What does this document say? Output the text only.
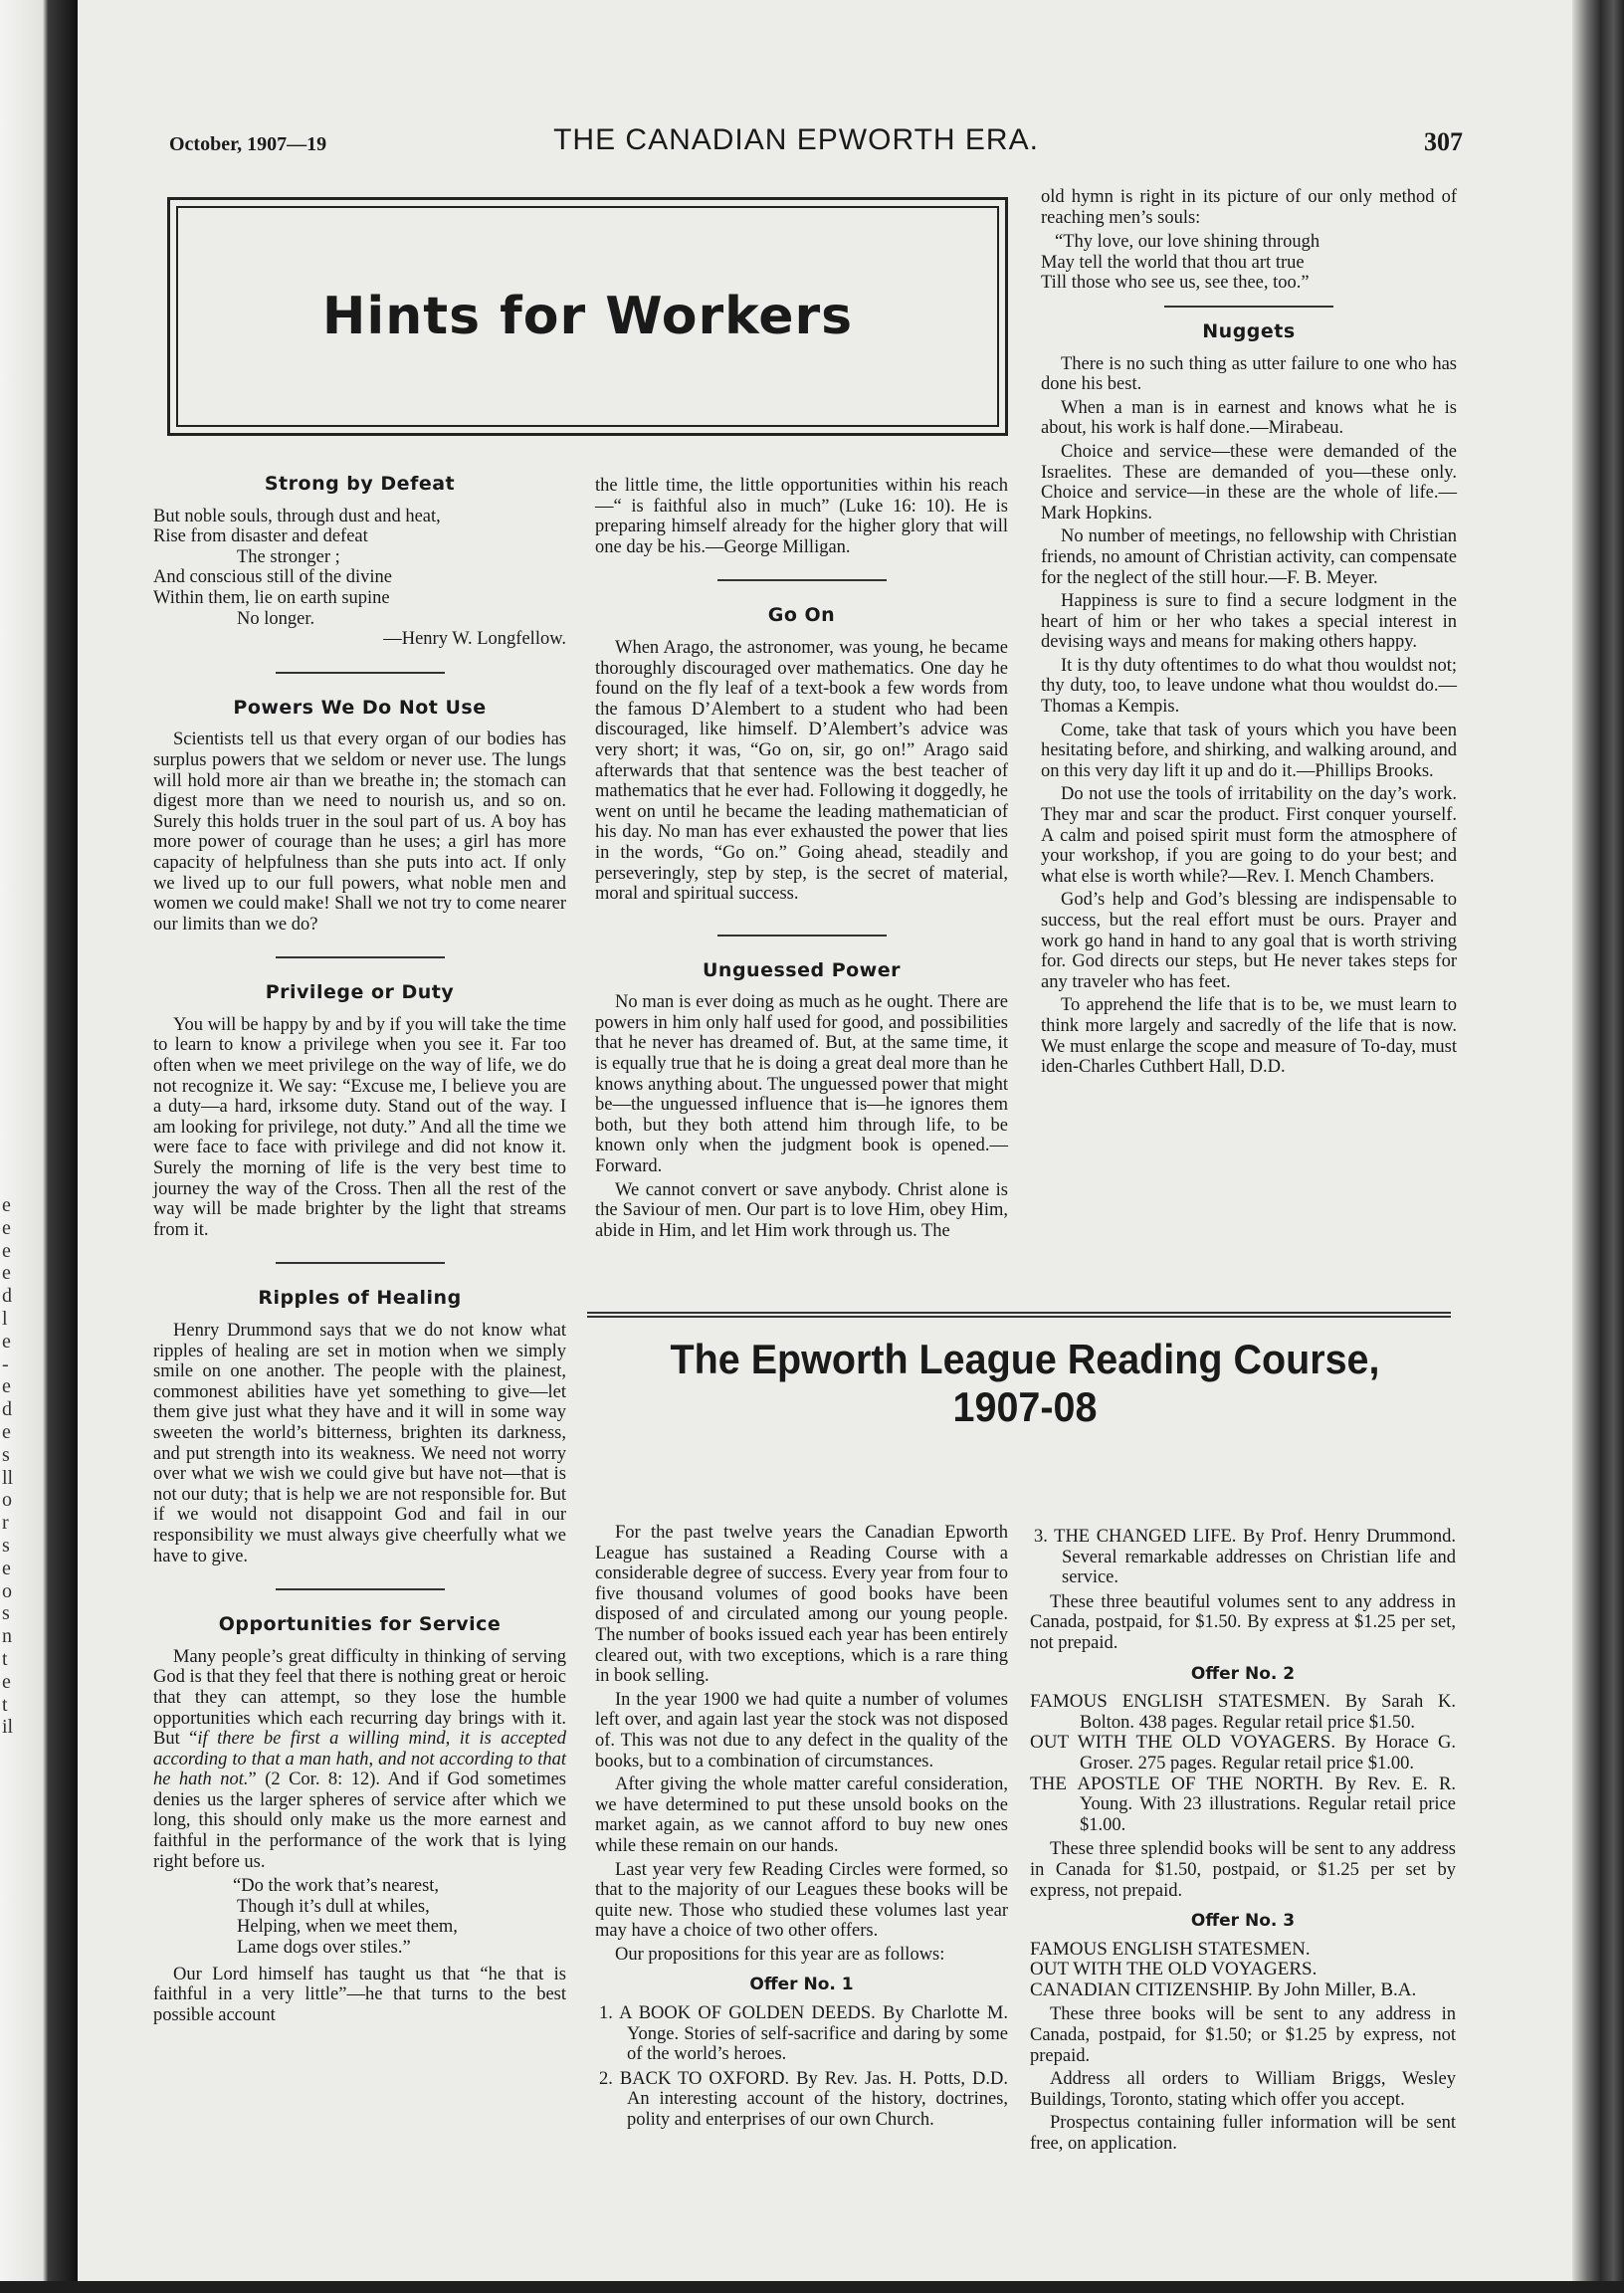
e
e
e
e
d
l
e
-
e
d
e
s
ll
o
r
s
e
o
s
n
t
e
t
il
October, 1907—19	THE CANADIAN EPWORTH ERA.	307
Hints for Workers
Strong by Defeat
But noble souls, through dust and heat,
Rise from disaster and defeat
The stronger ;
And conscious still of the divine
Within them, lie on earth supine
No longer.
—Henry W. Longfellow.
Powers We Do Not Use

Scientists tell us that every organ of our bodies has surplus powers that we seldom or never use. The lungs will hold more air than we breathe in; the stomach can digest more than we need to nourish us, and so on. Surely this holds truer in the soul part of us. A boy has more power of courage than he uses; a girl has more capacity of helpfulness than she puts into act. If only we lived up to our full powers, what noble men and women we could make! Shall we not try to come nearer our limits than we do?

Privilege or Duty

You will be happy by and by if you will take the time to learn to know a privilege when you see it. Far too often when we meet privilege on the way of life, we do not recognize it. We say: “Excuse me, I believe you are a duty—a hard, irksome duty. Stand out of the way. I am looking for privilege, not duty.” And all the time we were face to face with privilege and did not know it. Surely the morning of life is the very best time to journey the way of the Cross. Then all the rest of the way will be made brighter by the light that streams from it.

Ripples of Healing

Henry Drummond says that we do not know what ripples of healing are set in motion when we simply smile on one another. The people with the plainest, commonest abilities have yet something to give—let them give just what they have and it will in some way sweeten the world’s bitterness, brighten its darkness, and put strength into its weakness. We need not worry over what we wish we could give but have not—that is not our duty; that is help we are not responsible for. But if we would not disappoint God and fail in our responsibility we must always give cheerfully what we have to give.

Opportunities for Service

Many people’s great difficulty in thinking of serving God is that they feel that there is nothing great or heroic that they can attempt, so they lose the humble opportunities which each recurring day brings with it. But “if there be first a willing mind, it is accepted according to that a man hath, and not according to that he hath not.” (2 Cor. 8: 12). And if God sometimes denies us the larger spheres of service after which we long, this should only make us the more earnest and faithful in the performance of the work that is lying right before us.

“Do the work that’s nearest,
Though it’s dull at whiles,
Helping, when we meet them,
Lame dogs over stiles.”

Our Lord himself has taught us that “he that is faithful in a very little”—he that turns to the best possible account

the little time, the little opportunities within his reach—“ is faithful also in much” (Luke 16: 10). He is preparing himself already for the higher glory that will one day be his.—George Milligan.

Go On

When Arago, the astronomer, was young, he became thoroughly discouraged over mathematics. One day he found on the fly leaf of a text-book a few words from the famous D’Alembert to a student who had been discouraged, like himself. D’Alembert’s advice was very short; it was, “Go on, sir, go on!” Arago said afterwards that that sentence was the best teacher of mathematics that he ever had. Following it doggedly, he went on until he became the leading mathematician of his day. No man has ever exhausted the power that lies in the words, “Go on.” Going ahead, steadily and perseveringly, step by step, is the secret of material, moral and spiritual success.

Unguessed Power

No man is ever doing as much as he ought. There are powers in him only half used for good, and possibilities that he never has dreamed of. But, at the same time, it is equally true that he is doing a great deal more than he knows anything about. The unguessed power that might be—the unguessed influence that is—he ignores them both, but they both attend him through life, to be known only when the judgment book is opened.—Forward.

We cannot convert or save anybody. Christ alone is the Saviour of men. Our part is to love Him, obey Him, abide in Him, and let Him work through us. The

old hymn is right in its picture of our only method of reaching men’s souls:

“Thy love, our love shining through
May tell the world that thou art true
Till those who see us, see thee, too.”
Nuggets

There is no such thing as utter failure to one who has done his best.

When a man is in earnest and knows what he is about, his work is half done.—Mirabeau.

Choice and service—these were demanded of the Israelites. These are demanded of you—these only. Choice and service—in these are the whole of life.—Mark Hopkins.

No number of meetings, no fellowship with Christian friends, no amount of Christian activity, can compensate for the neglect of the still hour.—F. B. Meyer.

Happiness is sure to find a secure lodgment in the heart of him or her who takes a special interest in devising ways and means for making others happy.

It is thy duty oftentimes to do what thou wouldst not; thy duty, too, to leave undone what thou wouldst do.—Thomas a Kempis.

Come, take that task of yours which you have been hesitating before, and shirking, and walking around, and on this very day lift it up and do it.—Phillips Brooks.

Do not use the tools of irritability on the day’s work. They mar and scar the product. First conquer yourself. A calm and poised spirit must form the atmosphere of your workshop, if you are going to do your best; and what else is worth while?—Rev. I. Mench Chambers.

God’s help and God’s blessing are indispensable to success, but the real effort must be ours. Prayer and work go hand in hand to any goal that is worth striving for. God directs our steps, but He never takes steps for any traveler who has feet.

To apprehend the life that is to be, we must learn to think more largely and sacredly of the life that is now. We must enlarge the scope and measure of To-day, must iden-Charles Cuthbert Hall, D.D.

The Epworth League Reading Course, 1907-08

For the past twelve years the Canadian Epworth League has sustained a Reading Course with a considerable degree of success. Every year from four to five thousand volumes of good books have been disposed of and circulated among our young people. The number of books issued each year has been entirely cleared out, with two exceptions, which is a rare thing in book selling.

In the year 1900 we had quite a number of volumes left over, and again last year the stock was not disposed of. This was not due to any defect in the quality of the books, but to a combination of circumstances.

After giving the whole matter careful consideration, we have determined to put these unsold books on the market again, as we cannot afford to buy new ones while these remain on our hands.

Last year very few Reading Circles were formed, so that to the majority of our Leagues these books will be quite new. Those who studied these volumes last year may have a choice of two other offers.

Our propositions for this year are as follows:

Offer No. 1
1. A BOOK OF GOLDEN DEEDS. By Charlotte M. Yonge. Stories of self-sacrifice and daring by some of the world’s heroes.
2. BACK TO OXFORD. By Rev. Jas. H. Potts, D.D. An interesting account of the history, doctrines, polity and enterprises of our own Church.
3. THE CHANGED LIFE. By Prof. Henry Drummond. Several remarkable addresses on Christian life and service.

These three beautiful volumes sent to any address in Canada, postpaid, for $1.50. By express at $1.25 per set, not prepaid.

Offer No. 2
FAMOUS ENGLISH STATESMEN. By Sarah K. Bolton. 438 pages. Regular retail price $1.50.
OUT WITH THE OLD VOYAGERS. By Horace G. Groser. 275 pages. Regular retail price $1.00.
THE APOSTLE OF THE NORTH. By Rev. E. R. Young. With 23 illustrations. Regular retail price $1.00.

These three splendid books will be sent to any address in Canada for $1.50, postpaid, or $1.25 per set by express, not prepaid.

Offer No. 3
FAMOUS ENGLISH STATESMEN.
OUT WITH THE OLD VOYAGERS.
CANADIAN CITIZENSHIP. By John Miller, B.A.

These three books will be sent to any address in Canada, postpaid, for $1.50; or $1.25 by express, not prepaid.

Address all orders to William Briggs, Wesley Buildings, Toronto, stating which offer you accept.

Prospectus containing fuller information will be sent free, on application.
